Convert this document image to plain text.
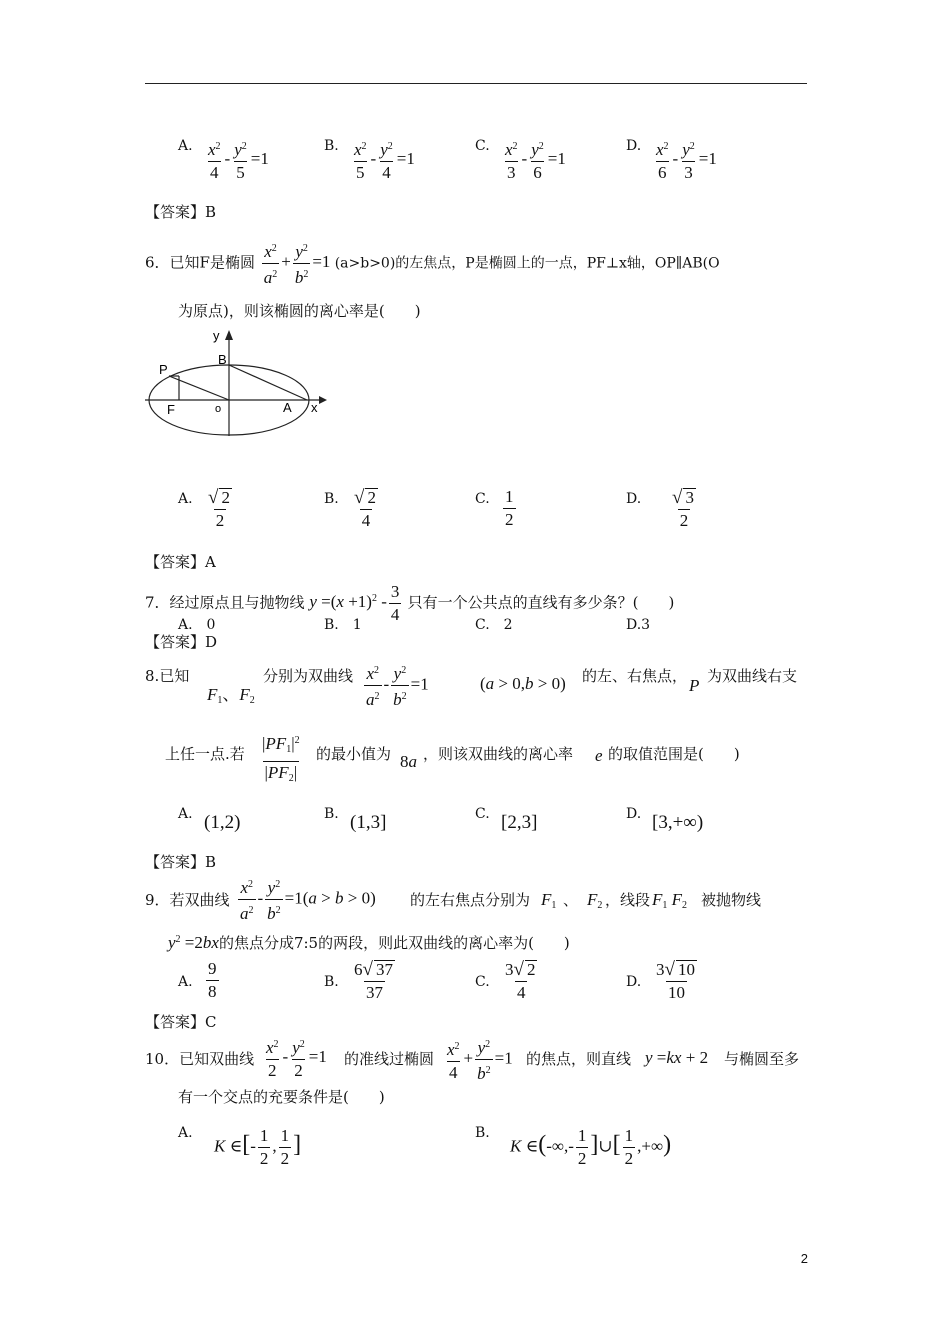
A. $\frac{x^2}{4} - \frac{y^2}{5} =1$
B. $\frac{x^2}{5} - \frac{y^2}{4} =1$
C. $\frac{x^2}{3} - \frac{y^2}{6} =1$
D. $\frac{x^2}{6} - \frac{y^2}{3} =1$
【答案】B
6．已知F是椭圆 $\frac{x^2}{a^2} + \frac{y^2}{b^2} =1$ (a>b>0)的左焦点，P是椭圆上的一点，PF⊥x轴，OP∥AB(O
为原点)，则该椭圆的离心率是(　　)
y
B
P
F	o	A x
A. $\frac{√ 2}{2}$	B. $\frac{√ 2}{4}$	C. $\frac{1}{2}$	D. $\frac{√ 3}{2}$
【答案】A
7．经过原点且与抛物线 $y =(x +1)^2 - \frac{3}{4}$ 只有一个公共点的直线有多少条？(　　)
A.　0	B.　1	C.　2	D.3
【答案】D
8.已知
$F_1$、$F_2$
分别为双曲线 $\frac{x^2}{a^2} - \frac{y^2}{b^2} =1$	(a > 0,b > 0) 的左、右焦点， P 为双曲线右支
上任一点.若 $\frac{|PF_1|^2}{|PF_2|}$ 的最小值为 8a ，则该双曲线的离心率 e 的取值范围是(　　)
A. (1,2)	B. (1,3]	C. [2,3]	D. [3,+∞)
【答案】B
9．若双曲线 $\frac{x^2}{a^2} - \frac{y^2}{b^2} =1(a > b > 0)$ 的左右焦点分别为 $F_1$ 、 $F_2$ ，线段 $F_1$ $F_2$ 被抛物线
$y^2 =2bx$的焦点分成7:5的两段，则此双曲线的离心率为(　　)
A. $\frac{9}{8}$	B. $\frac{6√ 37}{37}$	C. $\frac{3√ 2}{4}$	D. $\frac{3√ 10}{10}$
【答案】C
10．已知双曲线 $\frac{x^2}{2} - \frac{y^2}{2} =1$ 的准线过椭圆 $\frac{x^2}{4} + \frac{y^2}{b^2} =1$ 的焦点，则直线 y =kx + 2 与椭圆至多
有一个交点的充要条件是(　　)
A.
K ∈[- $\frac{1}{2}$ , $\frac{1}{2}$ ]	B.
K ∈(-∞,- $\frac{1}{2}$ ]∪[ $\frac{1}{2}$ ,+∞)
2
